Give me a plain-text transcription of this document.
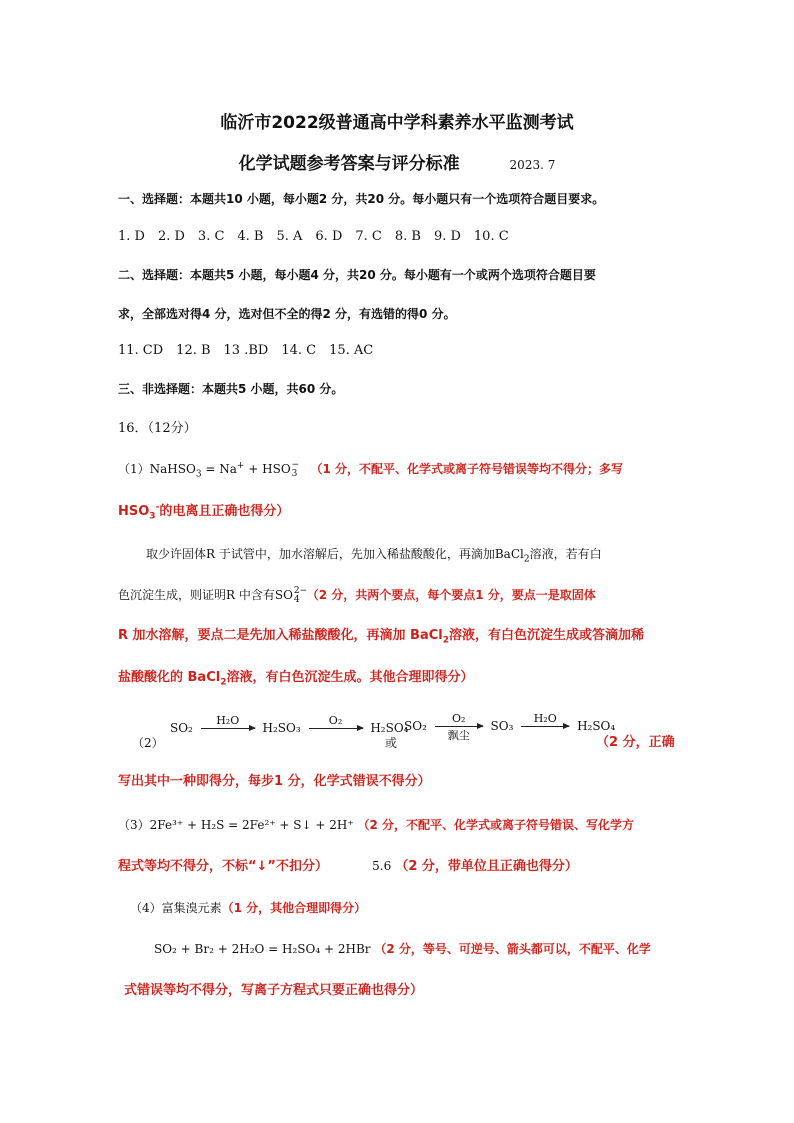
临沂市2022级普通高中学科素养水平监测考试
化学试题参考答案与评分标准	2023. 7
一、选择题：本题共10 小题，每小题2 分，共20 分。每小题只有一个选项符合题目要求。
1. D　2. D　3. C　4. B　5. A　6. D　7. C　8. B　9. D　10. C
二、选择题：本题共5 小题，每小题4 分，共20 分。每小题有一个或两个选项符合题目要
求，全部选对得4 分，选对但不全的得2 分，有选错的得0 分。
11. CD　12. B　13 .BD　14. C　15. AC
三、非选择题：本题共5 小题，共60 分。
16．（12分）
（1）NaHSO$_3$ = Na+ + HSO −
3 （1 分，不配平、化学式或离子符号错误等均不得分；多写
$HSO_3^-$的电离且正确也得分）
取少许固体R 于试管中，加水溶解后，先加入稀盐酸酸化，再滴加BaCl$_2$溶液，若有白
色沉淀生成，则证明R 中含有SO 2−
4 （2 分，共两个要点，每个要点1 分，要点一是取固体
R 加水溶解，要点二是先加入稀盐酸酸化，再滴加 BaCl$_2$溶液，有白色沉淀生成或答滴加稀
盐酸酸化的 BaCl$_2$溶液，有白色沉淀生成。其他合理即得分）
（2）
SO₂
H₂O
H₂SO₃
O₂
H₂SO₄
或
SO₂
O₂
飘尘
SO₃
H₂O
H₂SO₄
（2 分，正确
写出其中一种即得分，每步1 分，化学式错误不得分）
（3）2Fe³⁺ + H₂S = 2Fe²⁺ + S↓ + 2H⁺ （2 分，不配平、化学式或离子符号错误、写化学方
程式等均不得分，不标“↓”不扣分）	5.6 （2 分，带单位且正确也得分）
（4）富集溴元素（1 分，其他合理即得分）
SO₂ + Br₂ + 2H₂O = H₂SO₄ + 2HBr （2 分，等号、可逆号、箭头都可以，不配平、化学
式错误等均不得分，写离子方程式只要正确也得分）
